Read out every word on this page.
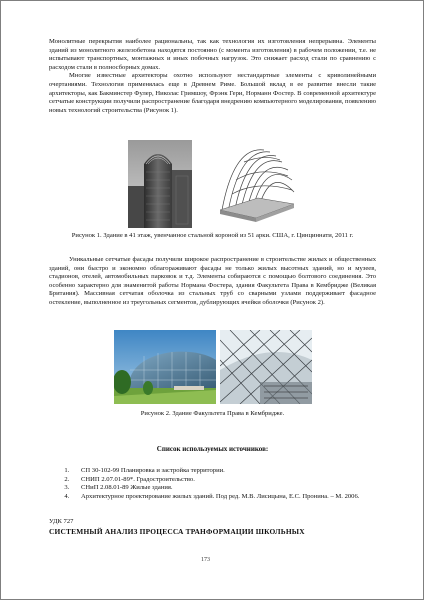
Монолитные перекрытия наиболее рациональны, так как технология их изготовления непрерывна. Элементы зданий из монолитного железобетона находятся постоянно (с момента изготовления) в рабочем положении, т.е. не испытывают транспортных, монтажных и иных побочных нагрузок. Это снижает расход стали по сравнению с расходом стали в полносборных домах.

Многие известные архитекторы охотно используют нестандартные элементы с криволинейными очертаниями. Технология применялась еще в Древнем Риме. Большой вклад в ее развитие внесли такие архитекторы, как Бакминстер Фулер, Николас Гримшоу, Фрэнк Гери, Норманн Фостер. В современной архитектуре сетчатые конструкции получили распространение благодаря внедрению компьютерного моделирования, появлению новых технологий строительства (Рисунок 1).

Рисунок 1. Здание в 41 этаж, увенчанное стальной короной из 51 арки. США, г. Цинциннати, 2011 г.

Уникальные сетчатые фасады получили широкое распространение в строительстве жилых и общественных зданий, они быстро и экономно облагораживают фасады не только жилых высотных зданий, но и музеев, стадионов, отелей, автомобильных парковок и т.д. Элементы собираются с помощью болтового соединения. Это особенно характерно для знаменитой работы Нормана Фостера, здания Факультета Права в Кембридже (Великая Британия). Массивная сетчатая оболочка из стальных труб со сварными узлами поддерживает фасадное остекление, выполненное из треугольных сегментов, дублирующих ячейки оболочки (Рисунок 2).

Рисунок 2. Здание Факультета Права в Кембридже.
Список используемых источников:
1. СП 30-102-99 Планировка и застройка территории.
2. СНИП 2.07.01-89*. Градостроительство.
3. СНиП 2.08.01-89 Жилые здания.
4. Архитектурное проектирование жилых зданий. Под ред. М.В. Лисицына, Е.С. Пронина. – М. 2006.
УДК 727
СИСТЕМНЫЙ АНАЛИЗ ПРОЦЕССА ТРАНФОРМАЦИИ ШКОЛЬНЫХ
173
